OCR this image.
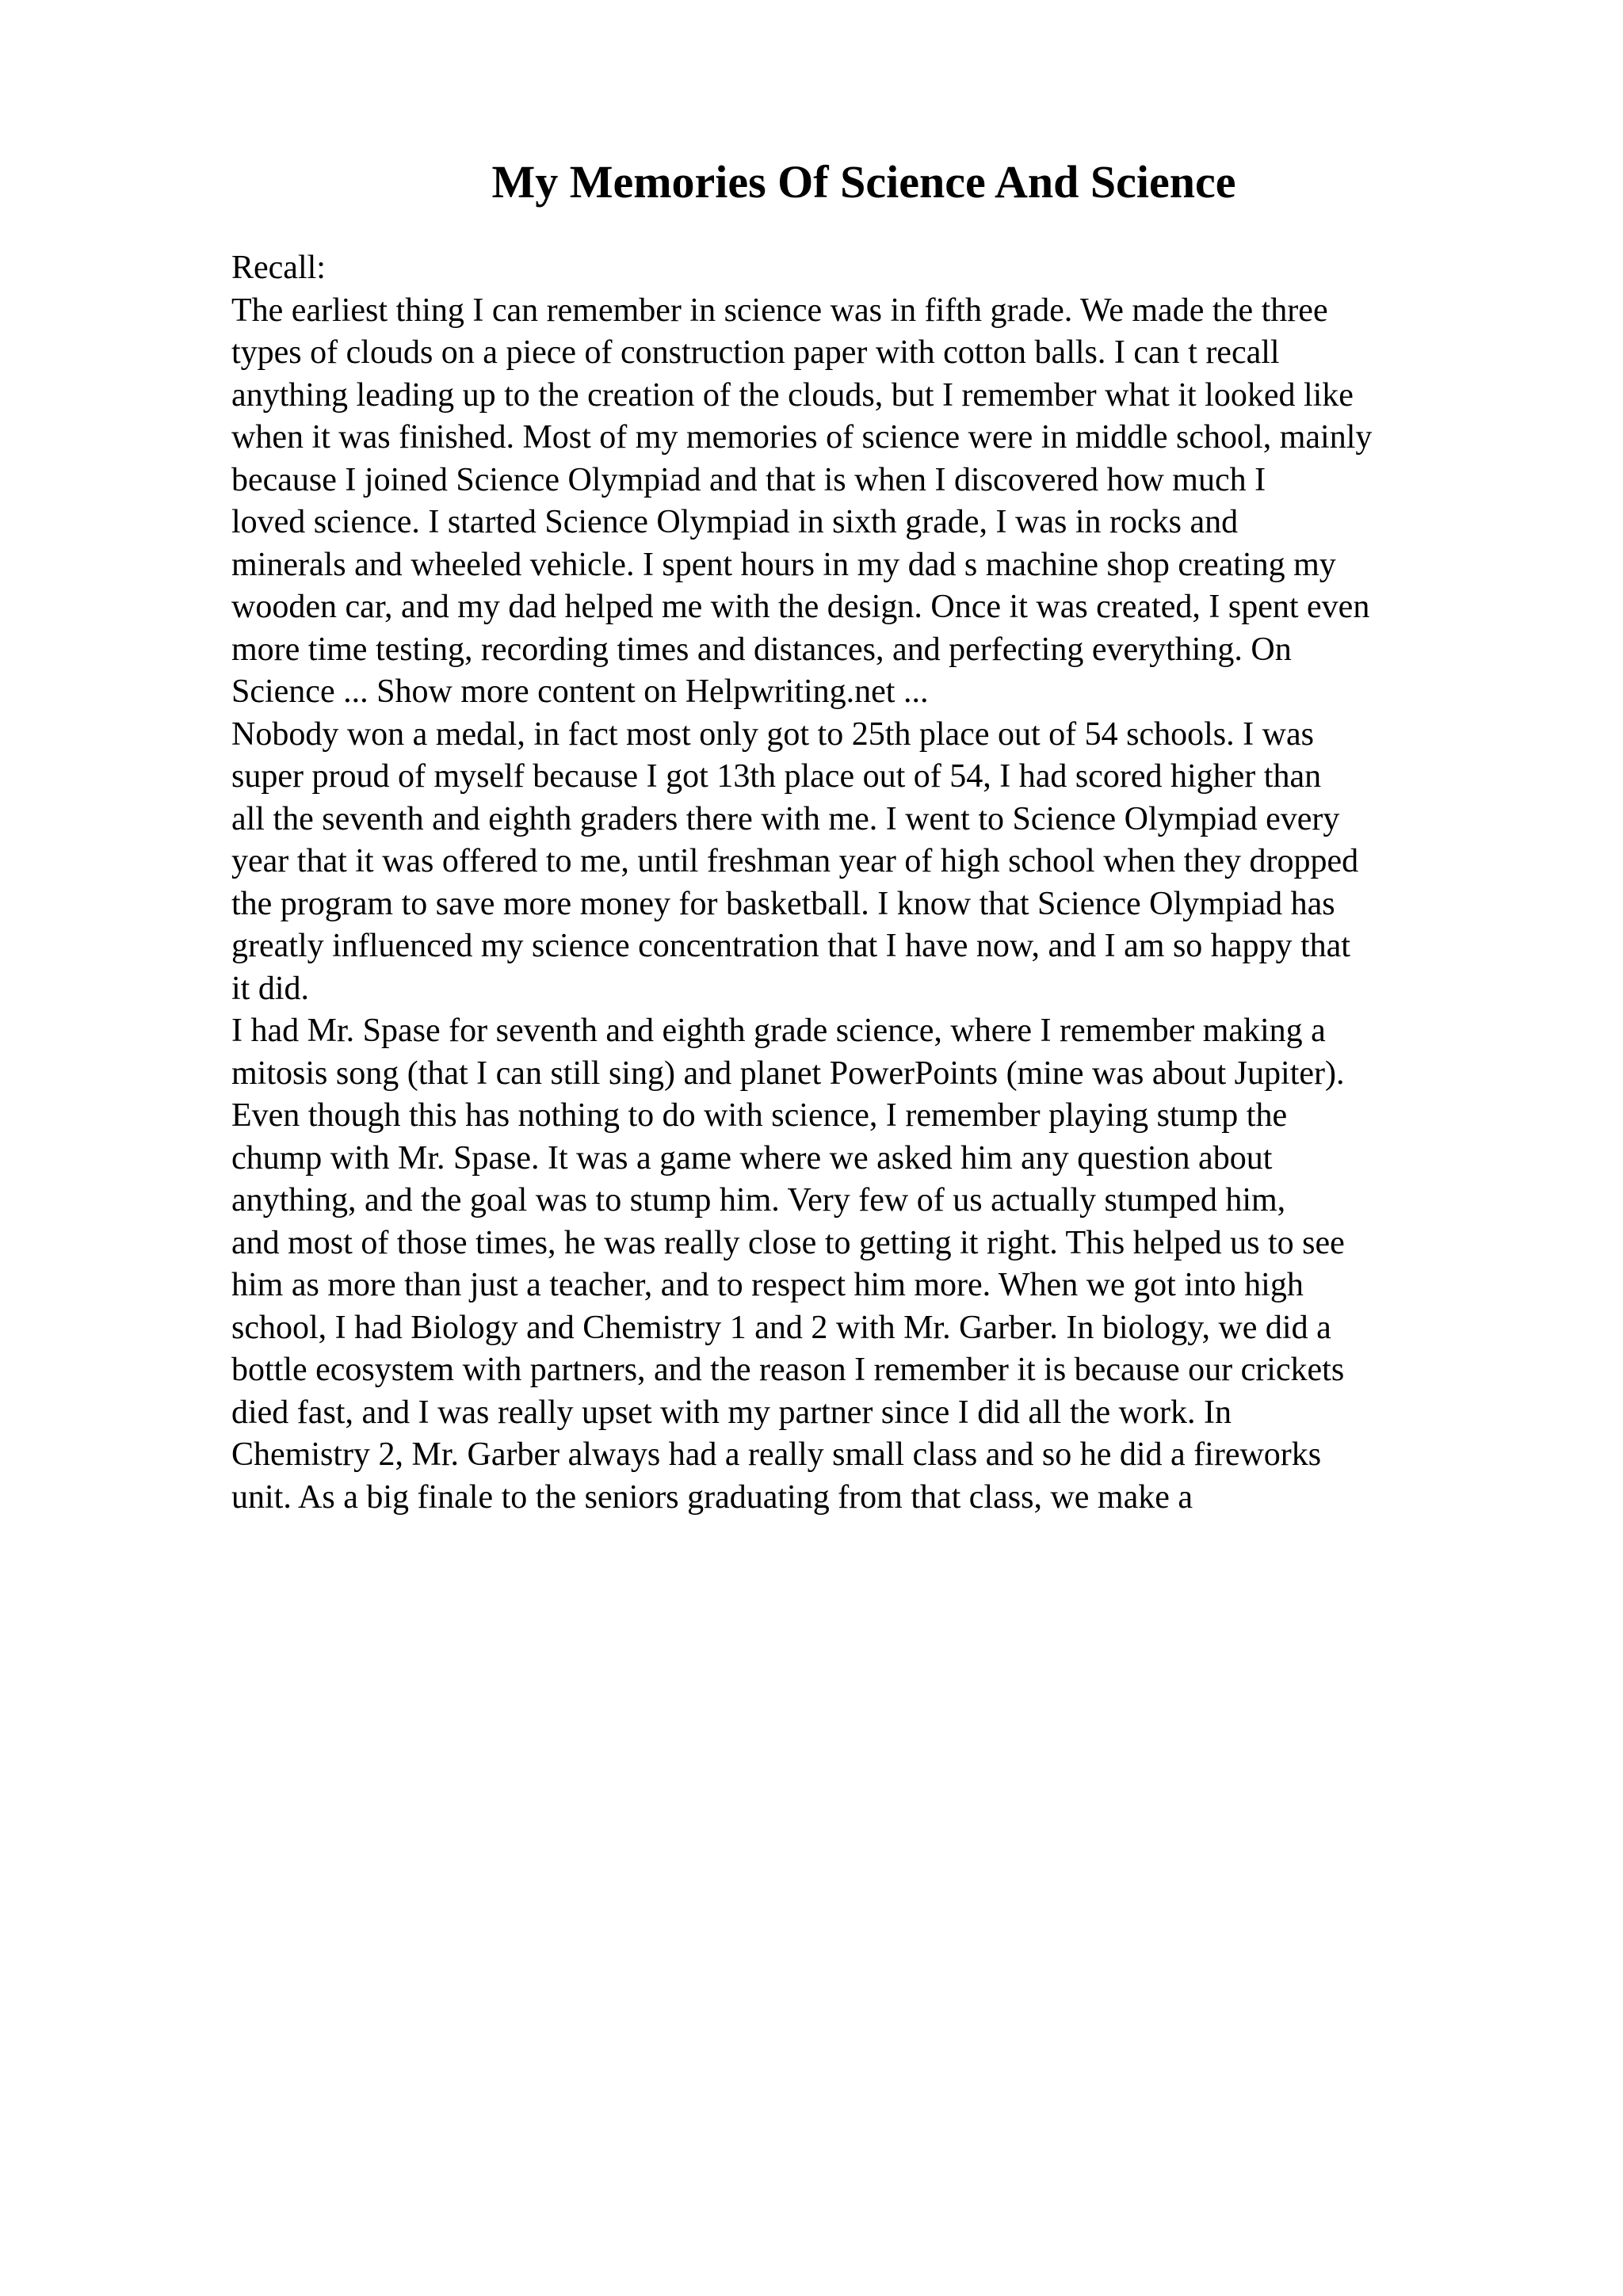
My Memories Of Science And Science
Recall:
The earliest thing I can remember in science was in fifth grade. We made the three
types of clouds on a piece of construction paper with cotton balls. I can t recall
anything leading up to the creation of the clouds, but I remember what it looked like
when it was finished. Most of my memories of science were in middle school, mainly
because I joined Science Olympiad and that is when I discovered how much I
loved science. I started Science Olympiad in sixth grade, I was in rocks and
minerals and wheeled vehicle. I spent hours in my dad s machine shop creating my
wooden car, and my dad helped me with the design. Once it was created, I spent even
more time testing, recording times and distances, and perfecting everything. On
Science ... Show more content on Helpwriting.net ...
Nobody won a medal, in fact most only got to 25th place out of 54 schools. I was
super proud of myself because I got 13th place out of 54, I had scored higher than
all the seventh and eighth graders there with me. I went to Science Olympiad every
year that it was offered to me, until freshman year of high school when they dropped
the program to save more money for basketball. I know that Science Olympiad has
greatly influenced my science concentration that I have now, and I am so happy that
it did.
I had Mr. Spase for seventh and eighth grade science, where I remember making a
mitosis song (that I can still sing) and planet PowerPoints (mine was about Jupiter).
Even though this has nothing to do with science, I remember playing stump the
chump with Mr. Spase. It was a game where we asked him any question about
anything, and the goal was to stump him. Very few of us actually stumped him,
and most of those times, he was really close to getting it right. This helped us to see
him as more than just a teacher, and to respect him more. When we got into high
school, I had Biology and Chemistry 1 and 2 with Mr. Garber. In biology, we did a
bottle ecosystem with partners, and the reason I remember it is because our crickets
died fast, and I was really upset with my partner since I did all the work. In
Chemistry 2, Mr. Garber always had a really small class and so he did a fireworks
unit. As a big finale to the seniors graduating from that class, we make a
